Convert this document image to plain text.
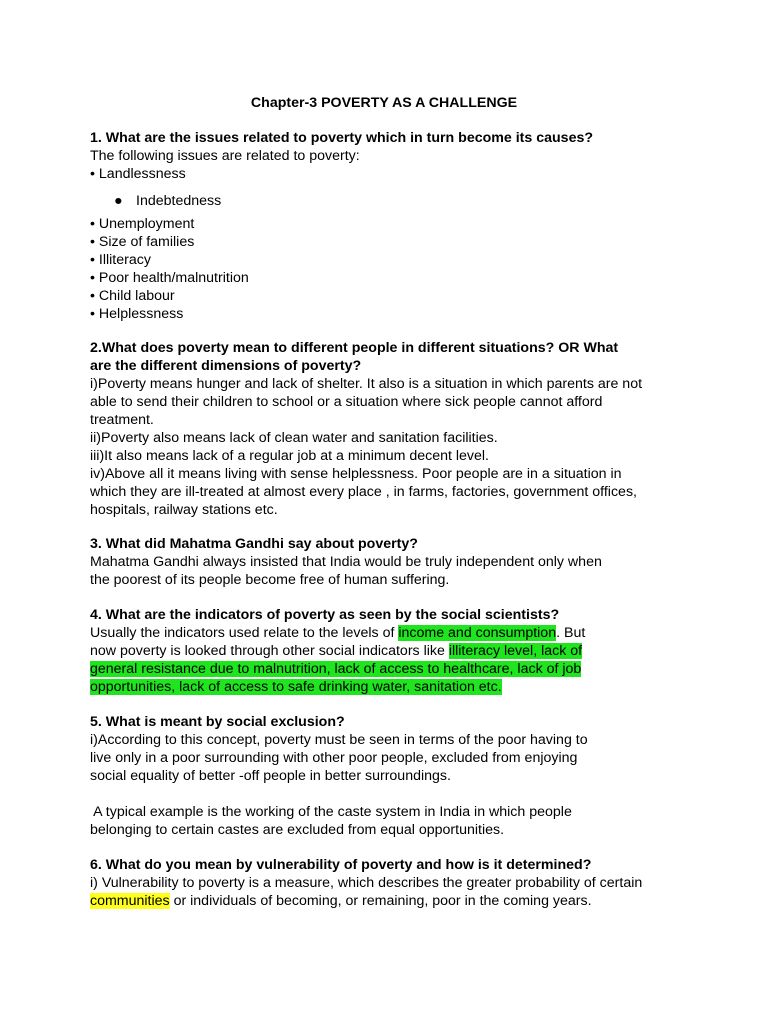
Chapter-3 POVERTY AS A CHALLENGE
1. What are the issues related to poverty which in turn become its causes?
The following issues are related to poverty:
• Landlessness
● Indebtedness
• Unemployment
• Size of families
• Illiteracy
• Poor health/malnutrition
• Child labour
• Helplessness
2.What does poverty mean to different people in different situations? OR What
are the different dimensions of poverty?
i)Poverty means hunger and lack of shelter. It also is a situation in which parents are not
able to send their children to school or a situation where sick people cannot afford
treatment.
ii)Poverty also means lack of clean water and sanitation facilities.
iii)It also means lack of a regular job at a minimum decent level.
iv)Above all it means living with sense helplessness. Poor people are in a situation in
which they are ill-treated at almost every place , in farms, factories, government offices,
hospitals, railway stations etc.
3. What did Mahatma Gandhi say about poverty?
Mahatma Gandhi always insisted that India would be truly independent only when
the poorest of its people become free of human suffering.
4. What are the indicators of poverty as seen by the social scientists?
Usually the indicators used relate to the levels of income and consumption. But
now poverty is looked through other social indicators like illiteracy level, lack of
general resistance due to malnutrition, lack of access to healthcare, lack of job
opportunities, lack of access to safe drinking water, sanitation etc.
5. What is meant by social exclusion?
i)According to this concept, poverty must be seen in terms of the poor having to
live only in a poor surrounding with other poor people, excluded from enjoying
social equality of better -off people in better surroundings.
A typical example is the working of the caste system in India in which people
belonging to certain castes are excluded from equal opportunities.
6. What do you mean by vulnerability of poverty and how is it determined?
i) Vulnerability to poverty is a measure, which describes the greater probability of certain
communities or individuals of becoming, or remaining, poor in the coming years.
